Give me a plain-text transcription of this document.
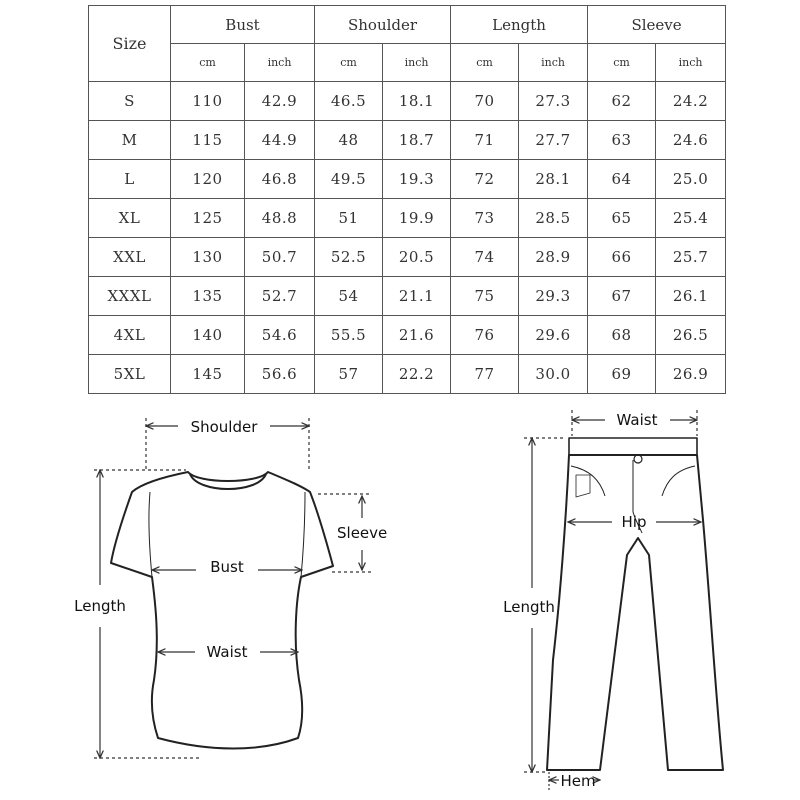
Size	Bust		Shoulder		Length		Sleeve	
	cm	inch	cm	inch	cm	inch	cm	inch
S	110	42.9	46.5	18.1	70	27.3	62	24.2
M	115	44.9	48	18.7	71	27.7	63	24.6
L	120	46.8	49.5	19.3	72	28.1	64	25.0
XL	125	48.8	51	19.9	73	28.5	65	25.4
XXL	130	50.7	52.5	20.5	74	28.9	66	25.7
XXXL	135	52.7	54	21.1	75	29.3	67	26.1
4XL	140	54.6	55.5	21.6	76	29.6	68	26.5
5XL	145	56.6	57	22.2	77	30.0	69	26.9
Shoulder
Sleeve
Bust
Length
Waist
Waist
Hip
Length
Hem
